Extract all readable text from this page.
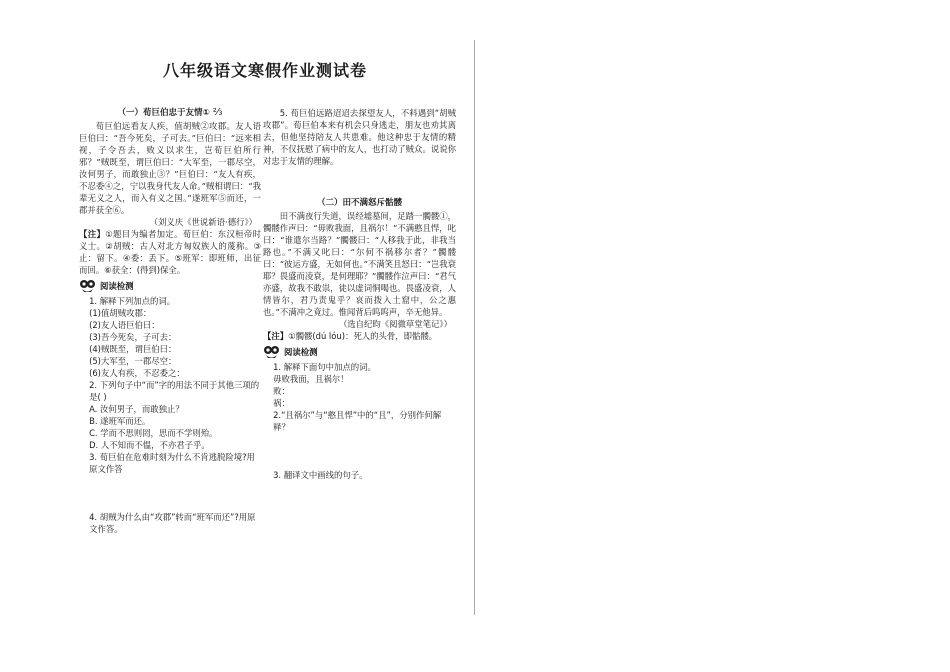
八年级语文寒假作业测试卷
（一）荀巨伯忠于友情① ⅔

荀巨伯远看友人疾，值胡贼②攻郡。友人语巨伯曰：“吾今死矣，子可去。”巨伯曰：“远来相视，子令吾去，败义以求生，岂荀巨伯所行邪？”贼既至，谓巨伯曰：“大军至，一郡尽空，汝何男子，而敢独止③？”巨伯曰：“友人有疾，不忍委④之，宁以我身代友人命。”贼相谓曰：“我辈无义之人，而入有义之国。”遂班军⑤而还，一郡并获全⑥。

（刘义庆《世说新语·德行》）

【注】①题目为编者加定。荀巨伯：东汉桓帝时义士。②胡贼：古人对北方匈奴族人的蔑称。③止：留下。④委：丢下。⑤班军：即班师，出征而回。⑥获全：(得到)保全。

阅读检测

1. 解释下列加点的词。

(1)值胡贼攻郡：

(2)友人语巨伯曰：

(3)吾今死矣，子可去：

(4)贼既至，谓巨伯曰：

(5)大军至，一郡尽空：

(6)友人有疾，不忍委之：

2. 下列句子中“而”字的用法不同于其他三项的是( )

A. 汝何男子，而敢独止？

B. 遂班军而还。

C. 学而不思则罔，思而不学则殆。

D. 人不知而不愠，不亦君子乎。

3. 荀巨伯在危难时刻为什么不肯逃脱险境?用原文作答

4. 胡贼为什么由“攻郡”转而“班军而还”?用原文作答。

5. 荀巨伯远路迢迢去探望友人，不料遇到“胡贼攻郡”。荀巨伯本来有机会只身逃走，朋友也劝其离去，但他坚持陪友人共患难。他这种忠于友情的精神，不仅抚慰了病中的友人，也打动了贼众。说说你对忠于友情的理解。

（二）田不满怒斥骷髅

田不满夜行失道，误经墟墓间，足踏一髑髅①，髑髅作声曰：“毋败我面，且祸尔！”不满憨且悍，叱曰：“谁遣尔当路？”髑髅曰：“人移我于此，非我当路也。”不满又叱曰：“尔何不祸移尔者？”髑髅曰：“彼运方盛，无如何也。”不满笑且怒曰：“岂我衰耶？畏盛而凌衰，是何理耶？”髑髅作泣声曰：“君气亦盛，故我不敢祟，徒以虚词恫喝也。畏盛凌衰，人情皆尔，君乃责鬼乎？哀而拨入土窟中，公之惠也。”不满冲之竟过。惟闻背后呜呜声，卒无他异。

（选自纪昀《阅微草堂笔记》）

【注】①髑髅(dú lóu)：死人的头骨，即骷髅。

阅读检测

1. 解释下面句中加点的词。

毋败我面，且祸尔！

败：

祸：

2.“且祸尔”与“憨且悍”中的“且”，分别作何解释？

3. 翻译文中画线的句子。
